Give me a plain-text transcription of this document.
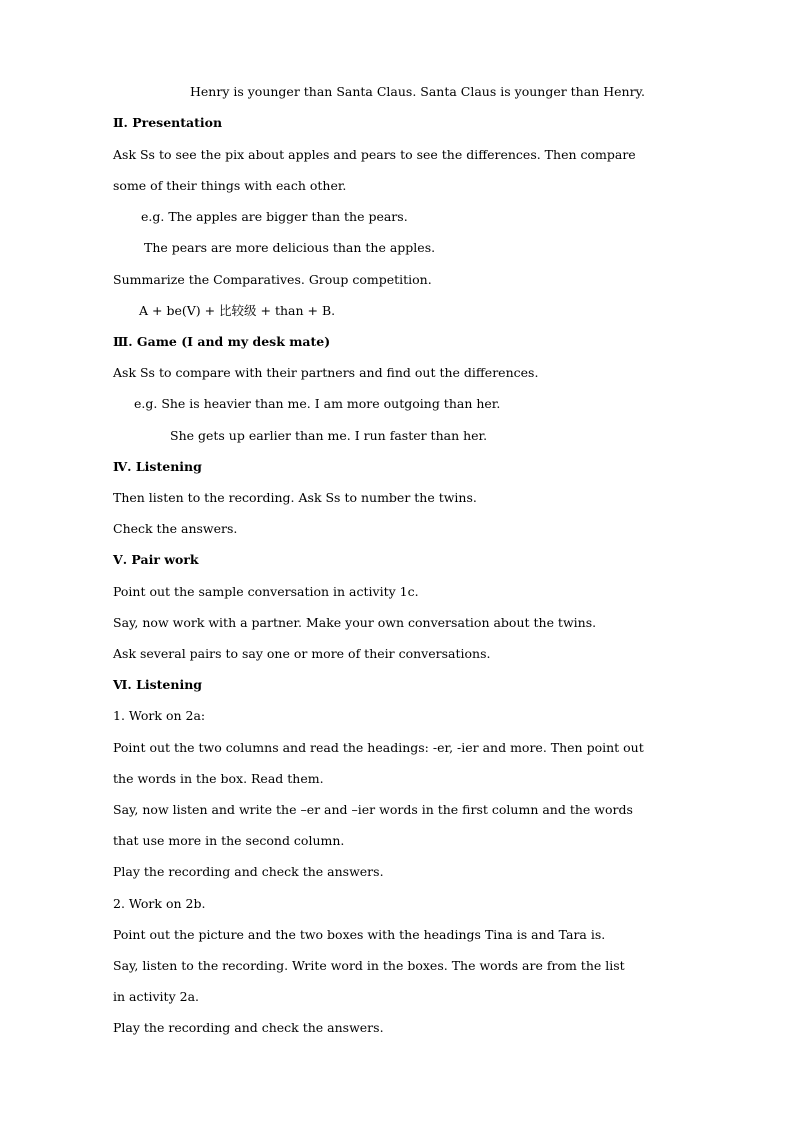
Henry is younger than Santa Claus. Santa Claus is younger than Henry.
Ⅱ. Presentation
Ask Ss to see the pix about apples and pears to see the differences. Then compare
some of their things with each other.
e.g. The apples are bigger than the pears.
The pears are more delicious than the apples.
Summarize the Comparatives. Group competition.
A + be(V) + 比较级 + than + B.
Ⅲ. Game (I and my desk mate)
Ask Ss to compare with their partners and find out the differences.
e.g. She is heavier than me. I am more outgoing than her.
She gets up earlier than me. I run faster than her.
Ⅳ. Listening
Then listen to the recording. Ask Ss to number the twins.
Check the answers.
Ⅴ. Pair work
Point out the sample conversation in activity 1c.
Say, now work with a partner. Make your own conversation about the twins.
Ask several pairs to say one or more of their conversations.
Ⅵ. Listening
1. Work on 2a:
Point out the two columns and read the headings: -er, -ier and more. Then point out
the words in the box. Read them.
Say, now listen and write the –er and –ier words in the first column and the words
that use more in the second column.
Play the recording and check the answers.
2. Work on 2b.
Point out the picture and the two boxes with the headings Tina is and Tara is.
Say, listen to the recording. Write word in the boxes. The words are from the list
in activity 2a.
Play the recording and check the answers.
